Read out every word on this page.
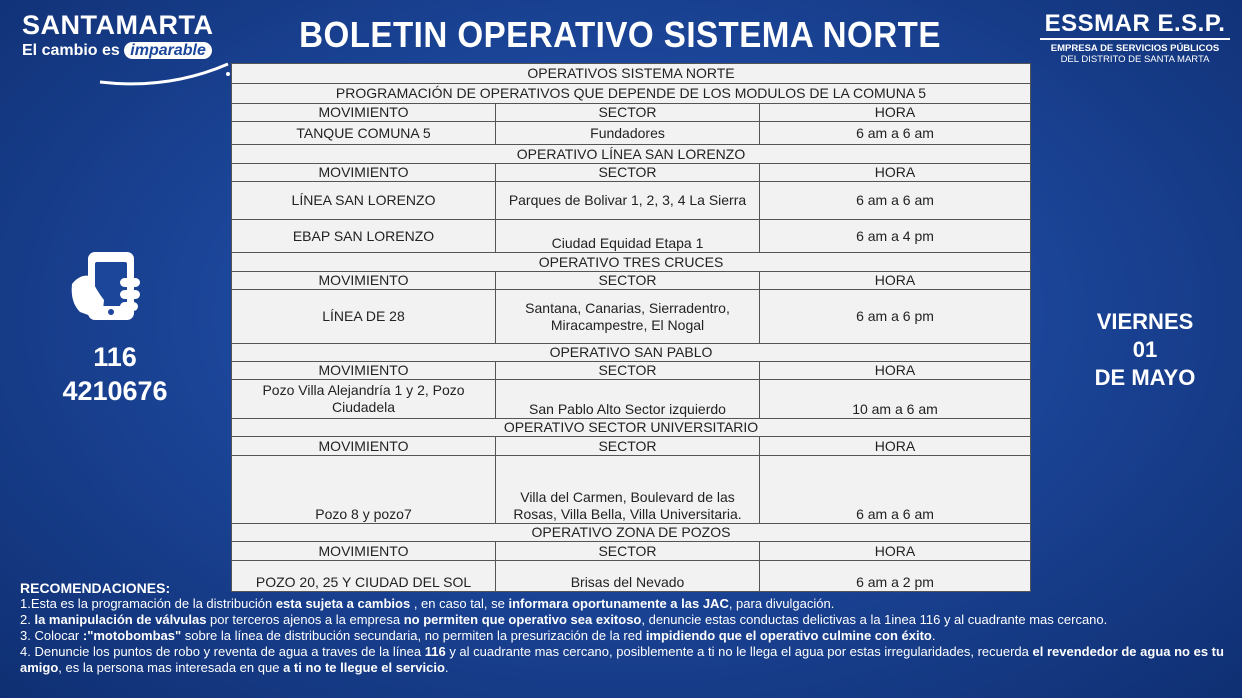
SANTAMARTA
El cambio es imparable	BOLETIN OPERATIVO SISTEMA NORTE	ESSMAR E.S.P.
EMPRESA DE SERVICIOS PÚBLICOS
DEL DISTRITO DE SANTA MARTA
116
4210676
VIERNES
01
DE MAYO
OPERATIVOS SISTEMA NORTE		
PROGRAMACIÓN DE OPERATIVOS QUE DEPENDE DE LOS MODULOS DE LA COMUNA 5		
MOVIMIENTO	SECTOR	HORA
TANQUE COMUNA 5	Fundadores	6 am a 6 am
OPERATIVO LÍNEA SAN LORENZO		
MOVIMIENTO	SECTOR	HORA
LÍNEA SAN LORENZO	Parques de Bolivar 1, 2, 3, 4 La Sierra	6 am a 6 am
EBAP SAN LORENZO	Ciudad Equidad Etapa 1	6 am a 4 pm
OPERATIVO TRES CRUCES		
MOVIMIENTO	SECTOR	HORA
LÍNEA DE 28	Santana, Canarias, Sierradentro, Miracampestre, El Nogal	6 am a 6 pm
OPERATIVO SAN PABLO		
MOVIMIENTO	SECTOR	HORA
Pozo Villa Alejandría 1 y 2, Pozo Ciudadela	San Pablo Alto Sector izquierdo	10 am a 6 am
OPERATIVO SECTOR UNIVERSITARIO		
MOVIMIENTO	SECTOR	HORA
Pozo 8 y pozo7	Villa del Carmen, Boulevard de las Rosas, Villa Bella, Villa Universitaria.	6 am a 6 am
OPERATIVO ZONA DE POZOS		
MOVIMIENTO	SECTOR	HORA
POZO 20, 25 Y CIUDAD DEL SOL	Brisas del Nevado	6 am a 2 pm
RECOMENDACIONES:
1.Esta es la programación de la distribución esta sujeta a cambios , en caso tal, se informara oportunamente a las JAC, para divulgación.
2. la manipulación de válvulas por terceros ajenos a la empresa no permiten que operativo sea exitoso, denuncie estas conductas delictivas a la 1inea 116 y al cuadrante mas cercano.
3. Colocar :"motobombas" sobre la línea de distribución secundaria, no permiten la presurización de la red impidiendo que el operativo culmine con éxito.
4. Denuncie los puntos de robo y reventa de agua a traves de la línea 116 y al cuadrante mas cercano, posiblemente a ti no le llega el agua por estas irregularidades, recuerda el revendedor de agua no es tu amigo, es la persona mas interesada en que a ti no te llegue el servicio.
